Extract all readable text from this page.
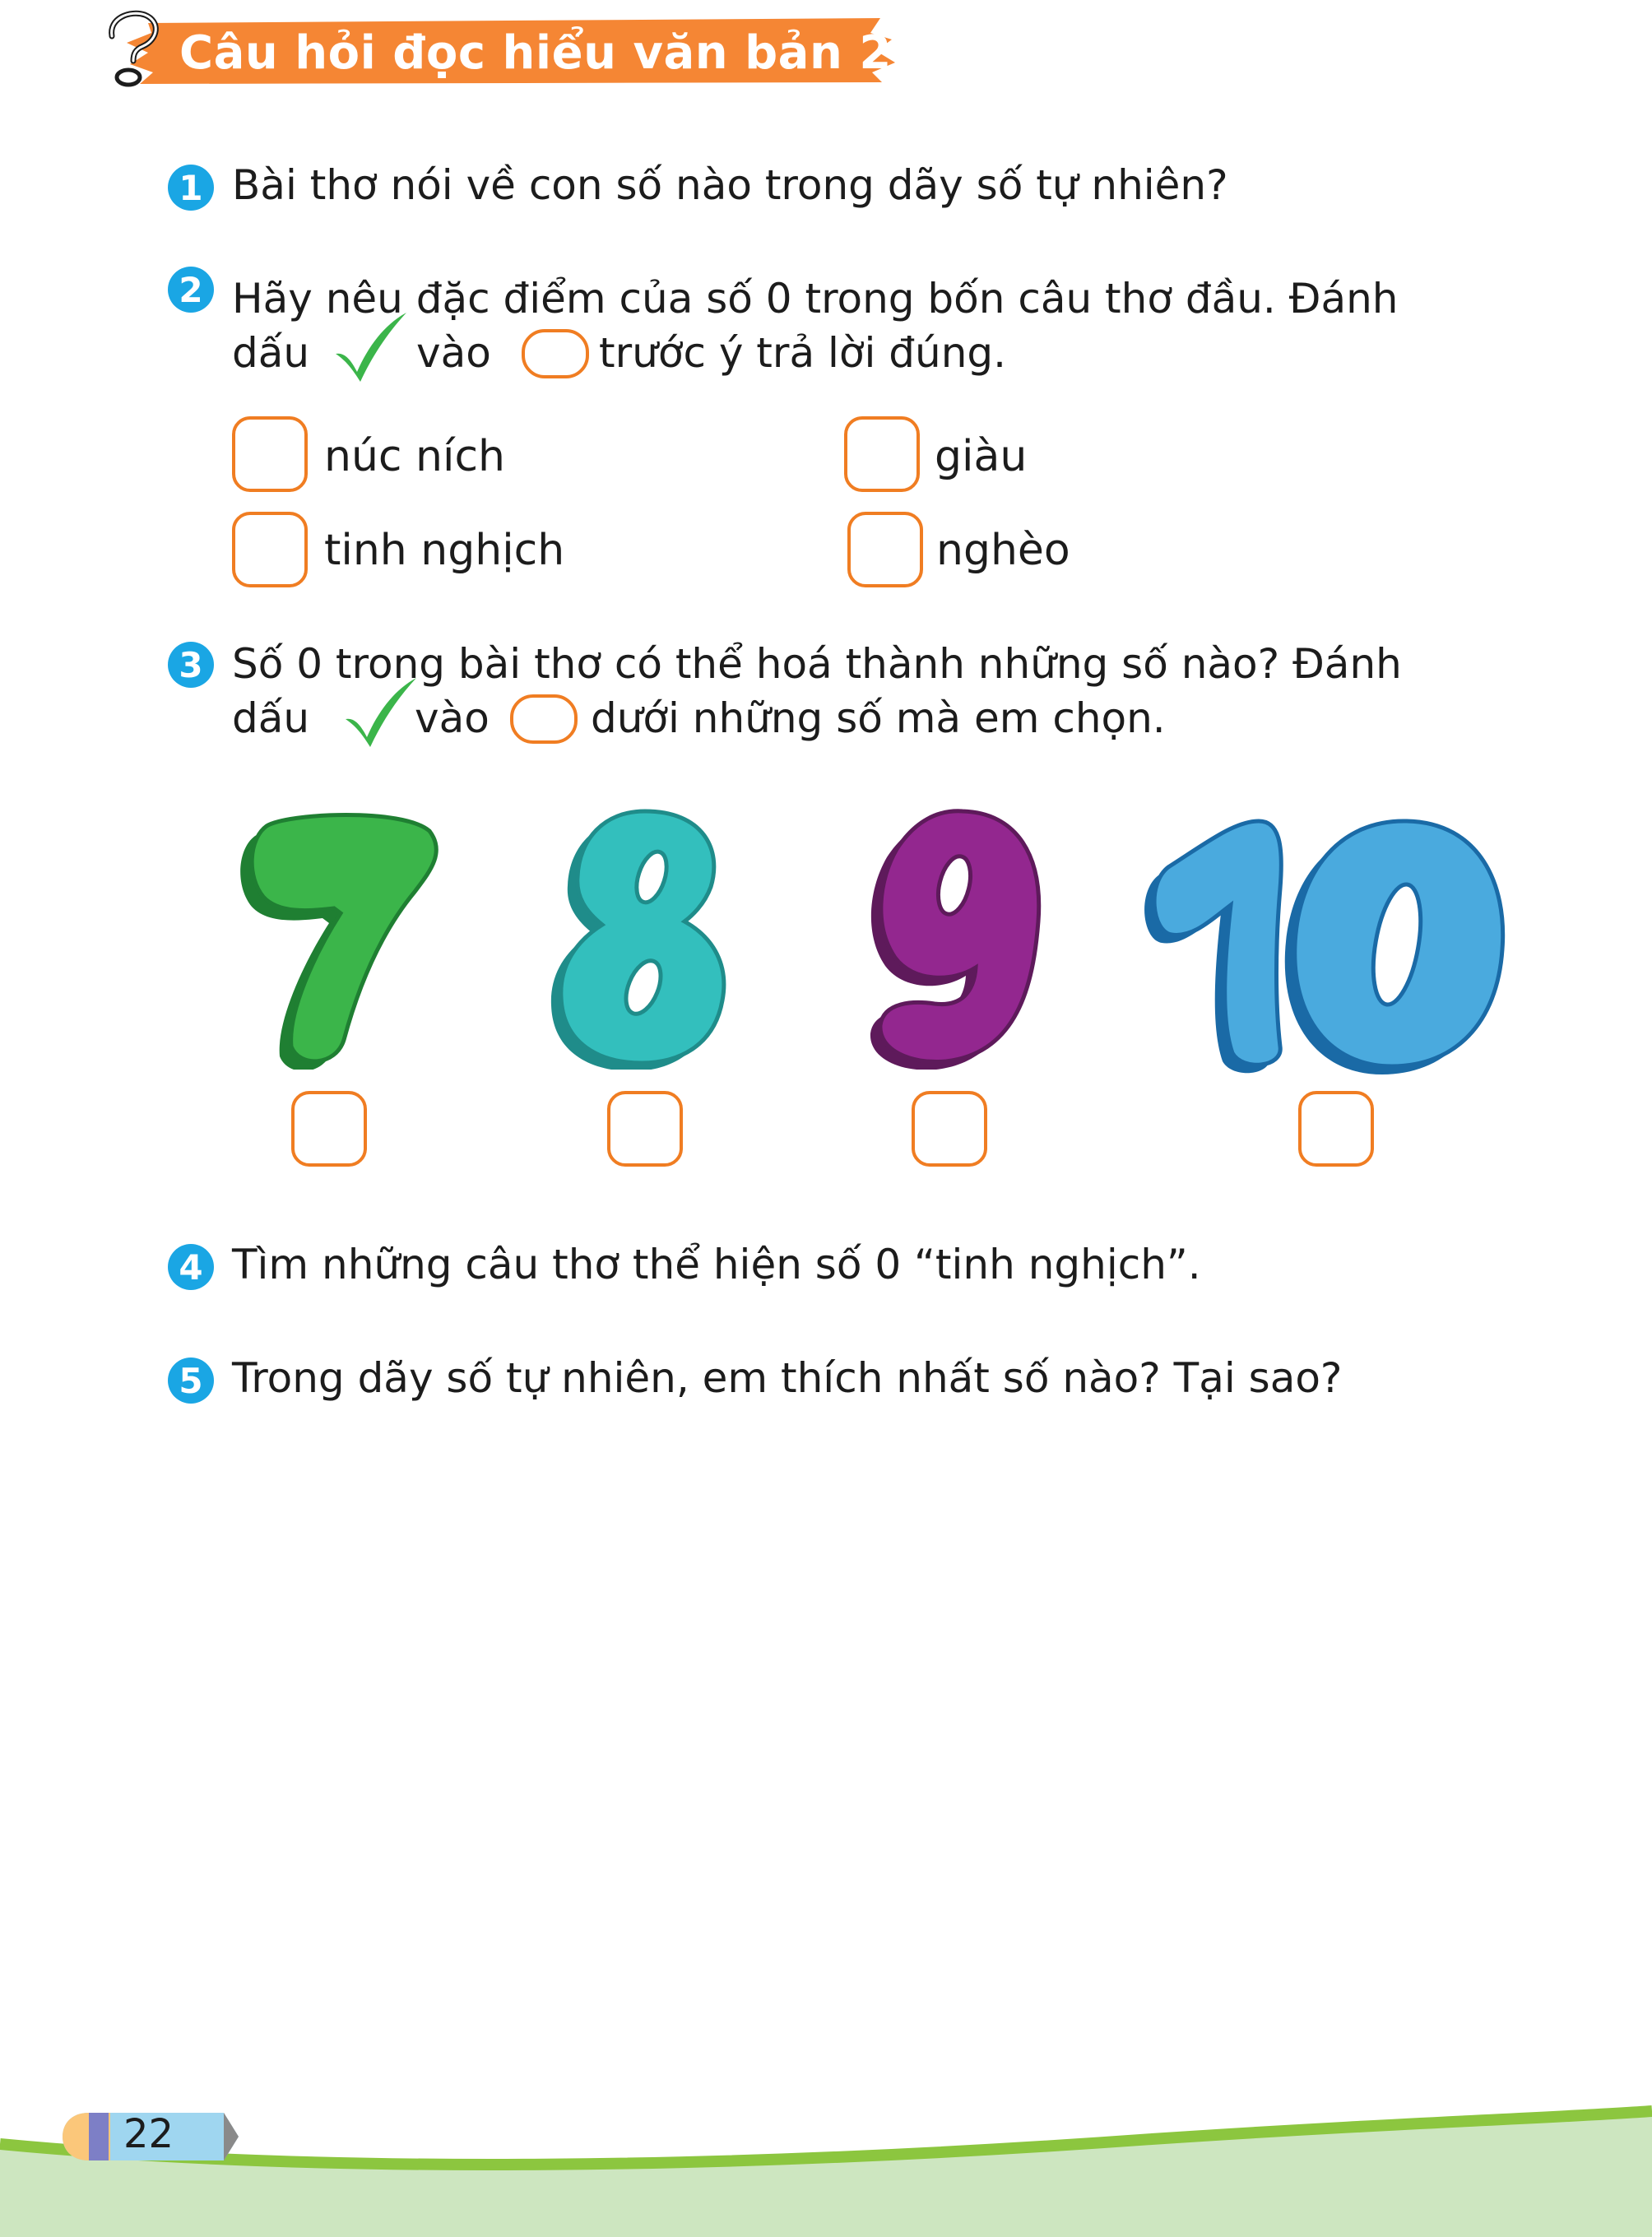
Câu hỏi đọc hiểu văn bản 2
1 Bài thơ nói về con số nào trong dãy số tự nhiên?
2 Hãy nêu đặc điểm của số 0 trong bốn câu thơ đầu. Đánh
dấu	vào	trước ý trả lời đúng.
núc ních	giàu
tinh nghịch	nghèo
3 Số 0 trong bài thơ có thể hoá thành những số nào? Đánh
dấu	vào dưới những số mà em chọn.
4 Tìm những câu thơ thể hiện số 0 “tinh nghịch”.
5 Trong dãy số tự nhiên, em thích nhất số nào? Tại sao?
22
